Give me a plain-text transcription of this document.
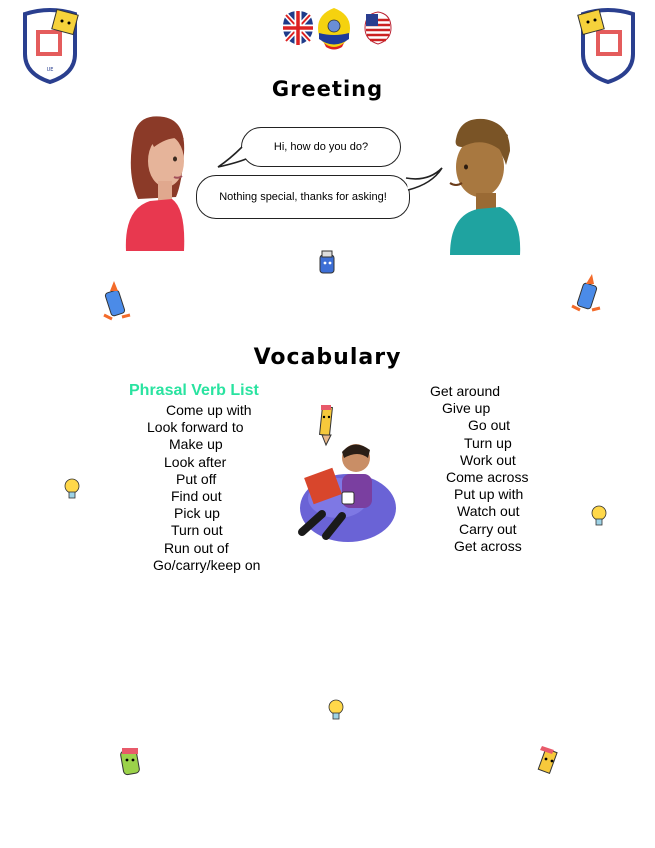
UE
Greeting
Hi, how do you do?
Nothing special, thanks for asking!
Vocabulary
Phrasal Verb List
Come up with
Look forward to
Make up
Look after
Put off
Find out
Pick up
Turn out
Run out of
Go/carry/keep on
Get around
Give up
Go out
Turn up
Work out
Come across
Put up with
Watch out
Carry out
Get across
